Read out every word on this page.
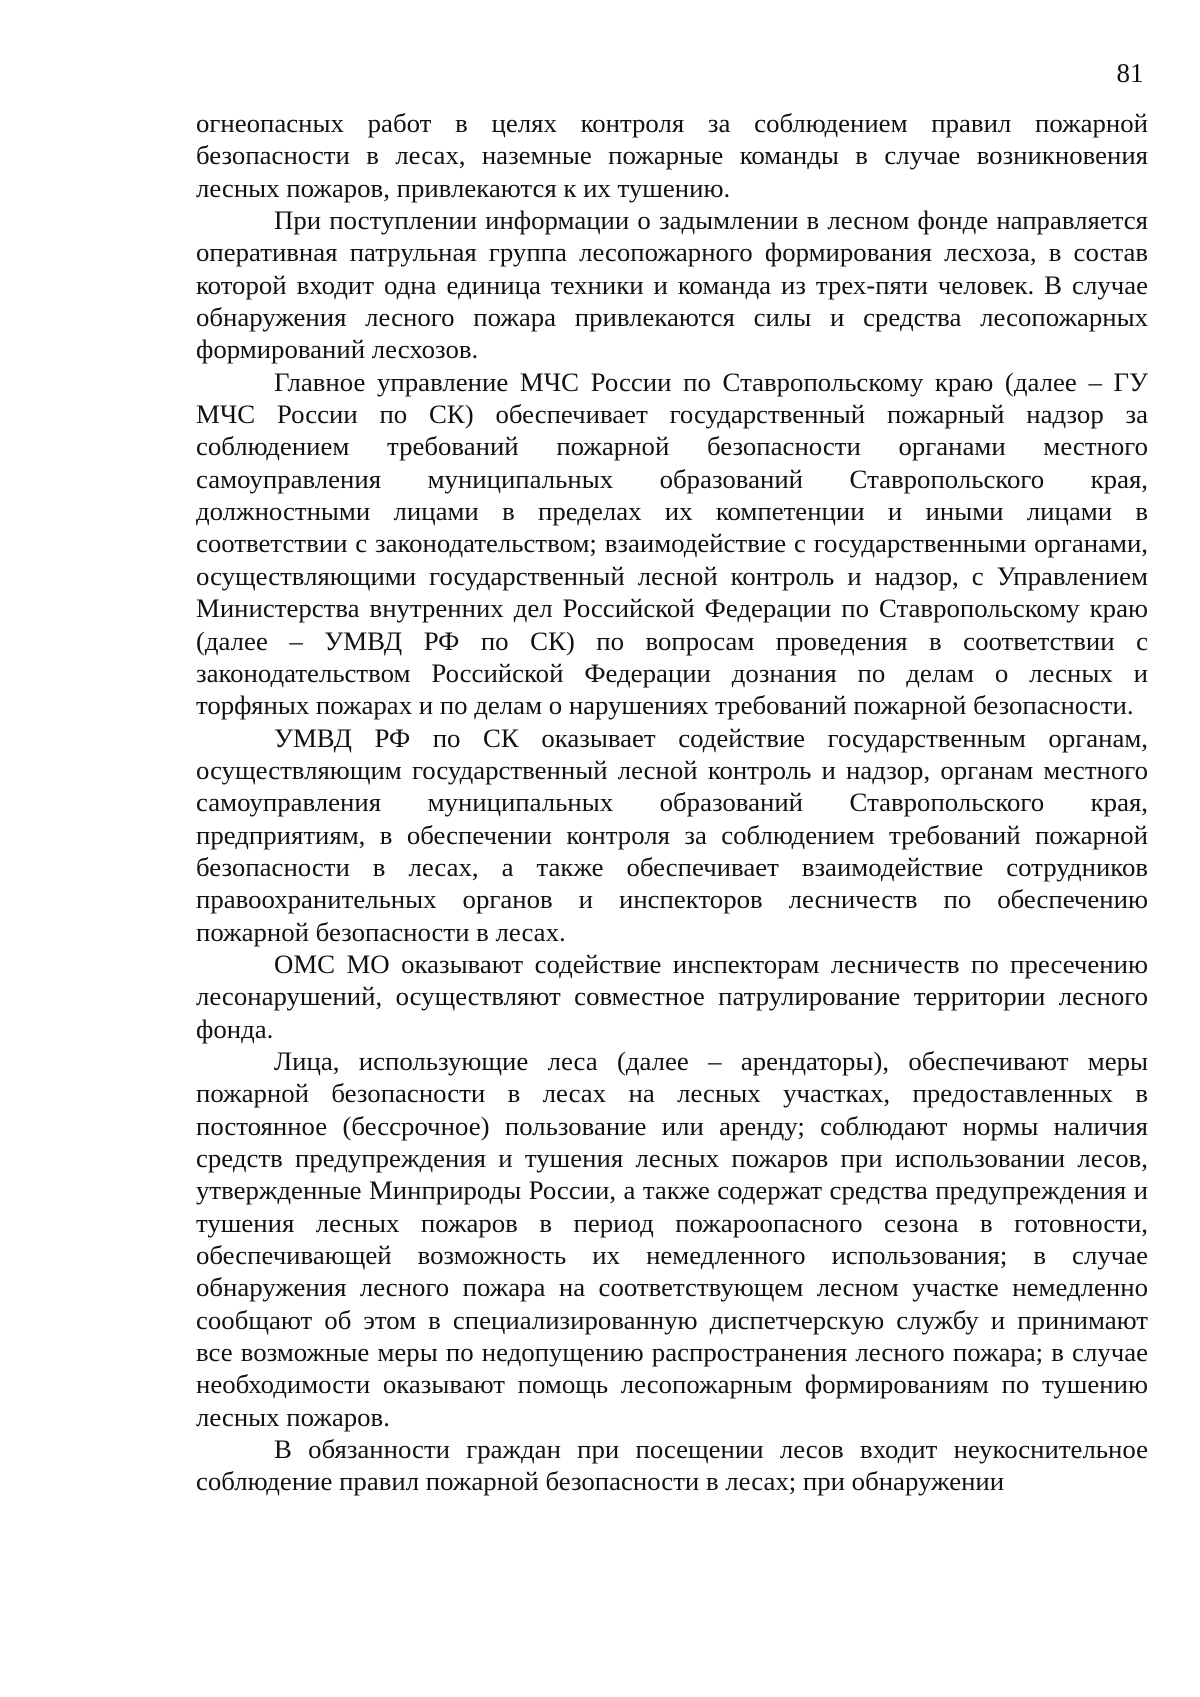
81

огнеопасных работ в целях контроля за соблюдением правил пожарной безопасности в лесах, наземные пожарные команды в случае возникновения лесных пожаров, привлекаются к их тушению.

При поступлении информации о задымлении в лесном фонде направляется оперативная патрульная группа лесопожарного формирования лесхоза, в состав которой входит одна единица техники и команда из трех-пяти человек. В случае обнаружения лесного пожара привлекаются силы и средства лесопожарных формирований лесхозов.

Главное управление МЧС России по Ставропольскому краю (далее – ГУ МЧС России по СК) обеспечивает государственный пожарный надзор за соблюдением требований пожарной безопасности органами местного самоуправления муниципальных образований Ставропольского края, должностными лицами в пределах их компетенции и иными лицами в соответствии с законодательством; взаимодействие с государственными органами, осуществляющими государственный лесной контроль и надзор, с Управлением Министерства внутренних дел Российской Федерации по Ставропольскому краю (далее – УМВД РФ по СК) по вопросам проведения в соответствии с законодательством Российской Федерации дознания по делам о лесных и торфяных пожарах и по делам о нарушениях требований пожарной безопасности.

УМВД РФ по СК оказывает содействие государственным органам, осуществляющим государственный лесной контроль и надзор, органам местного самоуправления муниципальных образований Ставропольского края, предприятиям, в обеспечении контроля за соблюдением требований пожарной безопасности в лесах, а также обеспечивает взаимодействие сотрудников правоохранительных органов и инспекторов лесничеств по обеспечению пожарной безопасности в лесах.

ОМС МО оказывают содействие инспекторам лесничеств по пресечению лесонарушений, осуществляют совместное патрулирование территории лесного фонда.

Лица, использующие леса (далее – арендаторы), обеспечивают меры пожарной безопасности в лесах на лесных участках, предоставленных в постоянное (бессрочное) пользование или аренду; соблюдают нормы наличия средств предупреждения и тушения лесных пожаров при использовании лесов, утвержденные Минприроды России, а также содержат средства предупреждения и тушения лесных пожаров в период пожароопасного сезона в готовности, обеспечивающей возможность их немедленного использования; в случае обнаружения лесного пожара на соответствующем лесном участке немедленно сообщают об этом в специализированную диспетчерскую службу и принимают все возможные меры по недопущению распространения лесного пожара; в случае необходимости оказывают помощь лесопожарным формированиям по тушению лесных пожаров.

В обязанности граждан при посещении лесов входит неукоснительное соблюдение правил пожарной безопасности в лесах; при обнаружении
